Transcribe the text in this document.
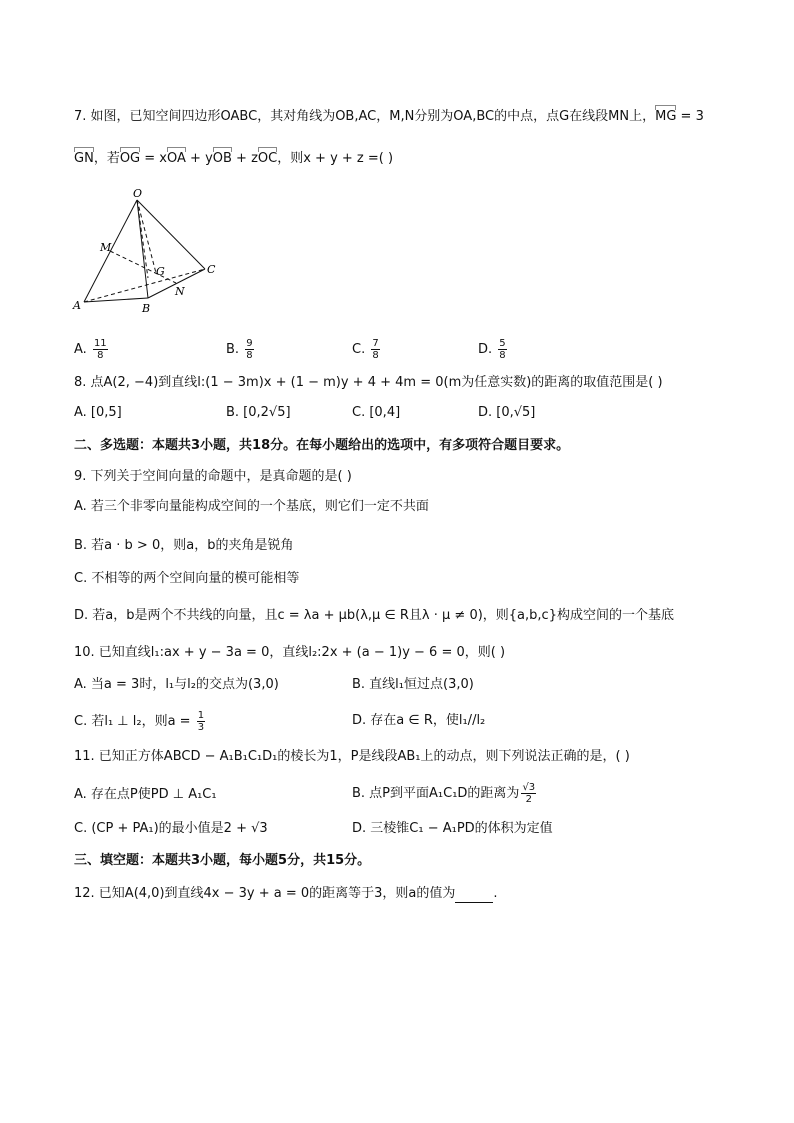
7. 如图，已知空间四边形OABC，其对角线为OB,AC，M,N分别为OA,BC的中点，点G在线段MN上，MG = 3
GN，若OG = xOA + yOB + zOC，则x + y + z =( )
O
M
G	C
N
A	B
A. $\frac{11}{8}$	B. $\frac{9}{8}$	C. $\frac{7}{8}$	D. $\frac{5}{8}$
8. 点A(2, −4)到直线l:(1 − 3m)x + (1 − m)y + 4 + 4m = 0(m为任意实数)的距离的取值范围是( )
A. [0,5]	B. [0,2√5]	C. [0,4]	D. [0,√5]
二、多选题：本题共3小题，共18分。在每小题给出的选项中，有多项符合题目要求。
9. 下列关于空间向量的命题中，是真命题的是( )
A. 若三个非零向量能构成空间的一个基底，则它们一定不共面
B. 若a · b > 0，则a，b的夹角是锐角
C. 不相等的两个空间向量的模可能相等
D. 若a，b是两个不共线的向量，且c = λa + μb(λ,μ ∈ R且λ · μ ≠ 0)，则{a,b,c}构成空间的一个基底
10. 已知直线l₁:ax + y − 3a = 0，直线l₂:2x + (a − 1)y − 6 = 0，则( )
A. 当a = 3时，l₁与l₂的交点为(3,0)	B. 直线l₁恒过点(3,0)
C. 若l₁ ⊥ l₂，则$a = \frac{1}{3}$	D. 存在a ∈ R，使l₁//l₂
11. 已知正方体ABCD − A₁B₁C₁D₁的棱长为1，P是线段AB₁上的动点，则下列说法正确的是，( )
A. 存在点P使PD ⊥ A₁C₁	B. 点P到平面A₁C₁D的距离为 $\frac{√3}{2}$
C. (CP + PA₁)的最小值是2 + √3	D. 三棱锥C₁ − A₁PD的体积为定值
三、填空题：本题共3小题，每小题5分，共15分。
12. 已知A(4,0)到直线4x − 3y + a = 0的距离等于3，则a的值为	.
